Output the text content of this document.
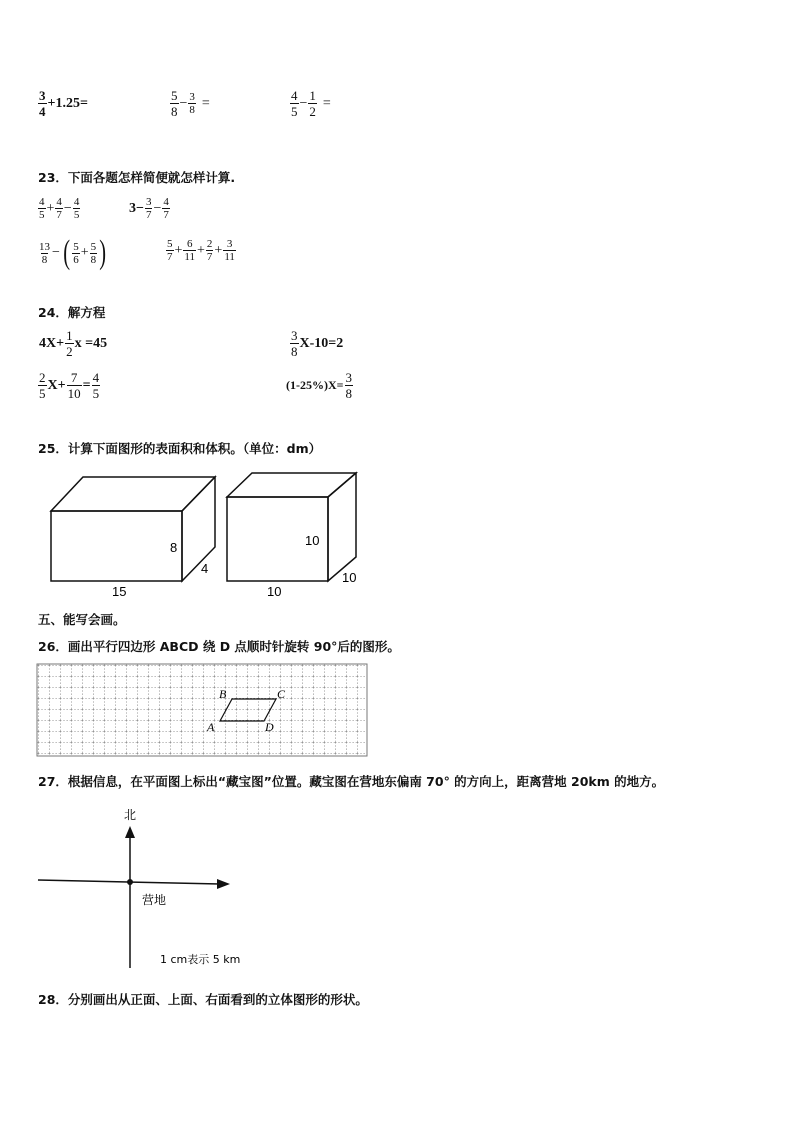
$\frac{3}{4} +1.25=$	$\frac{5}{8} - \frac{3}{8}$ =	$\frac{4}{5} - \frac{1}{2}$ =
23．下面各题怎样简便就怎样计算.
$\frac{4}{5} + \frac{4}{7} - \frac{4}{5}$	$3- \frac{3}{7} - \frac{4}{7}$
$\frac{13}{8}$ − ( $\frac{5}{6} + \frac{5}{8}$ )	$\frac{5}{7} + \frac{6}{11} + \frac{2}{7} + \frac{3}{11}$
24．解方程
$4X+ \frac{1}{2}$ x =45	$\frac{3}{8} X-10=2$
$\frac{2}{5} X+ \frac{7}{10} = \frac{4}{5}$	$(1-25\%)X= \frac{3}{8}$
25．计算下面图形的表面积和体积。（单位：dm）
8
4
15
10
10
10
五、能写会画。
26．画出平行四边形 ABCD 绕 D 点顺时针旋转 90°后的图形。
B	C
A	D
27．根据信息，在平面图上标出“藏宝图”位置。藏宝图在营地东偏南 70° 的方向上，距离营地 20km 的地方。
北
营地
1 cm表示 5 km
28．分别画出从正面、上面、右面看到的立体图形的形状。
